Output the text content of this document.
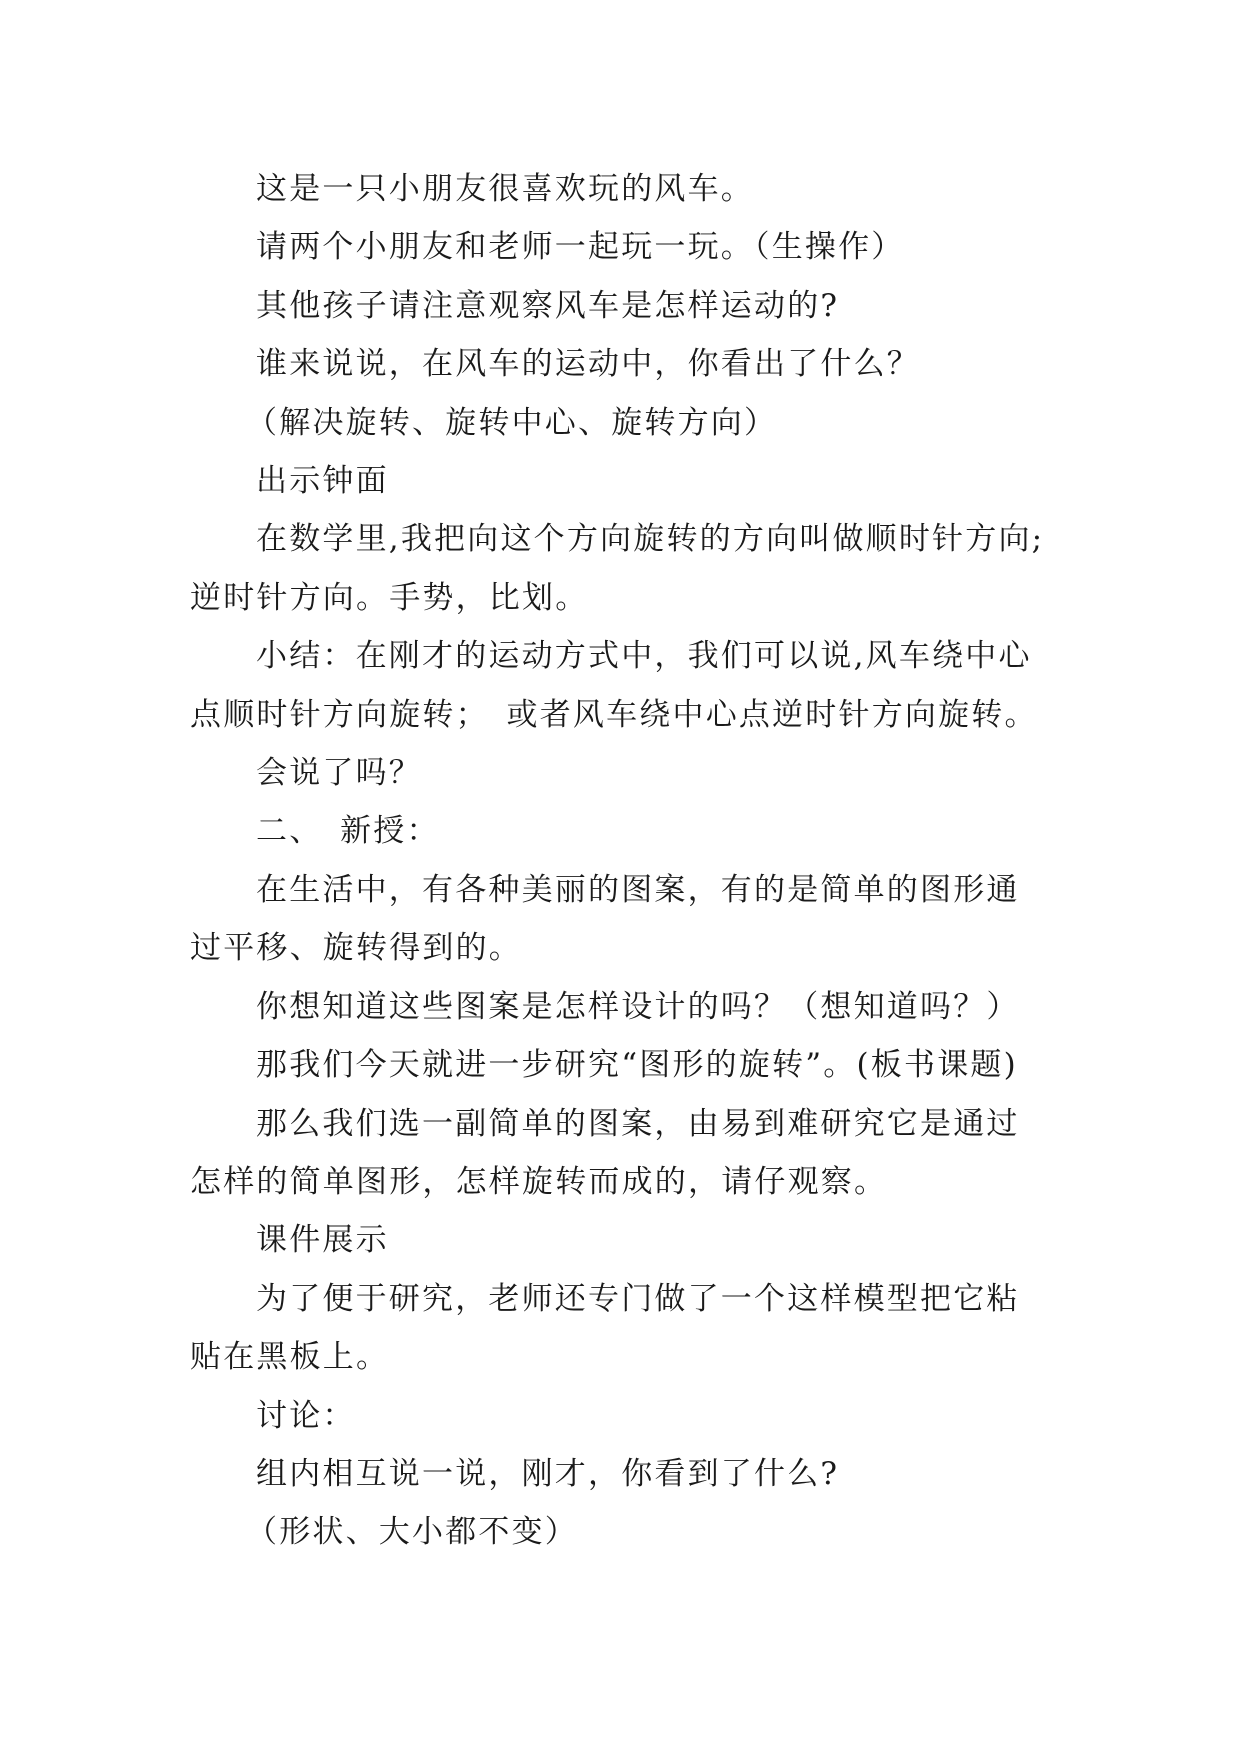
这是一只小朋友很喜欢玩的风车。

请两个小朋友和老师一起玩一玩。（生操作）

其他孩子请注意观察风车是怎样运动的?

谁来说说，在风车的运动中，你看出了什么？

（解决旋转、旋转中心、旋转方向）

出示钟面

在数学里,我把向这个方向旋转的方向叫做顺时针方向;逆时针方向。手势，比划。

小结：在刚才的运动方式中，我们可以说,风车绕中心点顺时针方向旋转；　或者风车绕中心点逆时针方向旋转。

会说了吗？

二、　新授：

在生活中，有各种美丽的图案，有的是简单的图形通过平移、旋转得到的。

你想知道这些图案是怎样设计的吗？（想知道吗？）

那我们今天就进一步研究“图形的旋转”。(板书课题)

那么我们选一副简单的图案，由易到难研究它是通过怎样的简单图形，怎样旋转而成的，请仔观察。

课件展示

为了便于研究，老师还专门做了一个这样模型把它粘贴在黑板上。

讨论：

组内相互说一说，刚才，你看到了什么?

（形状、大小都不变）
